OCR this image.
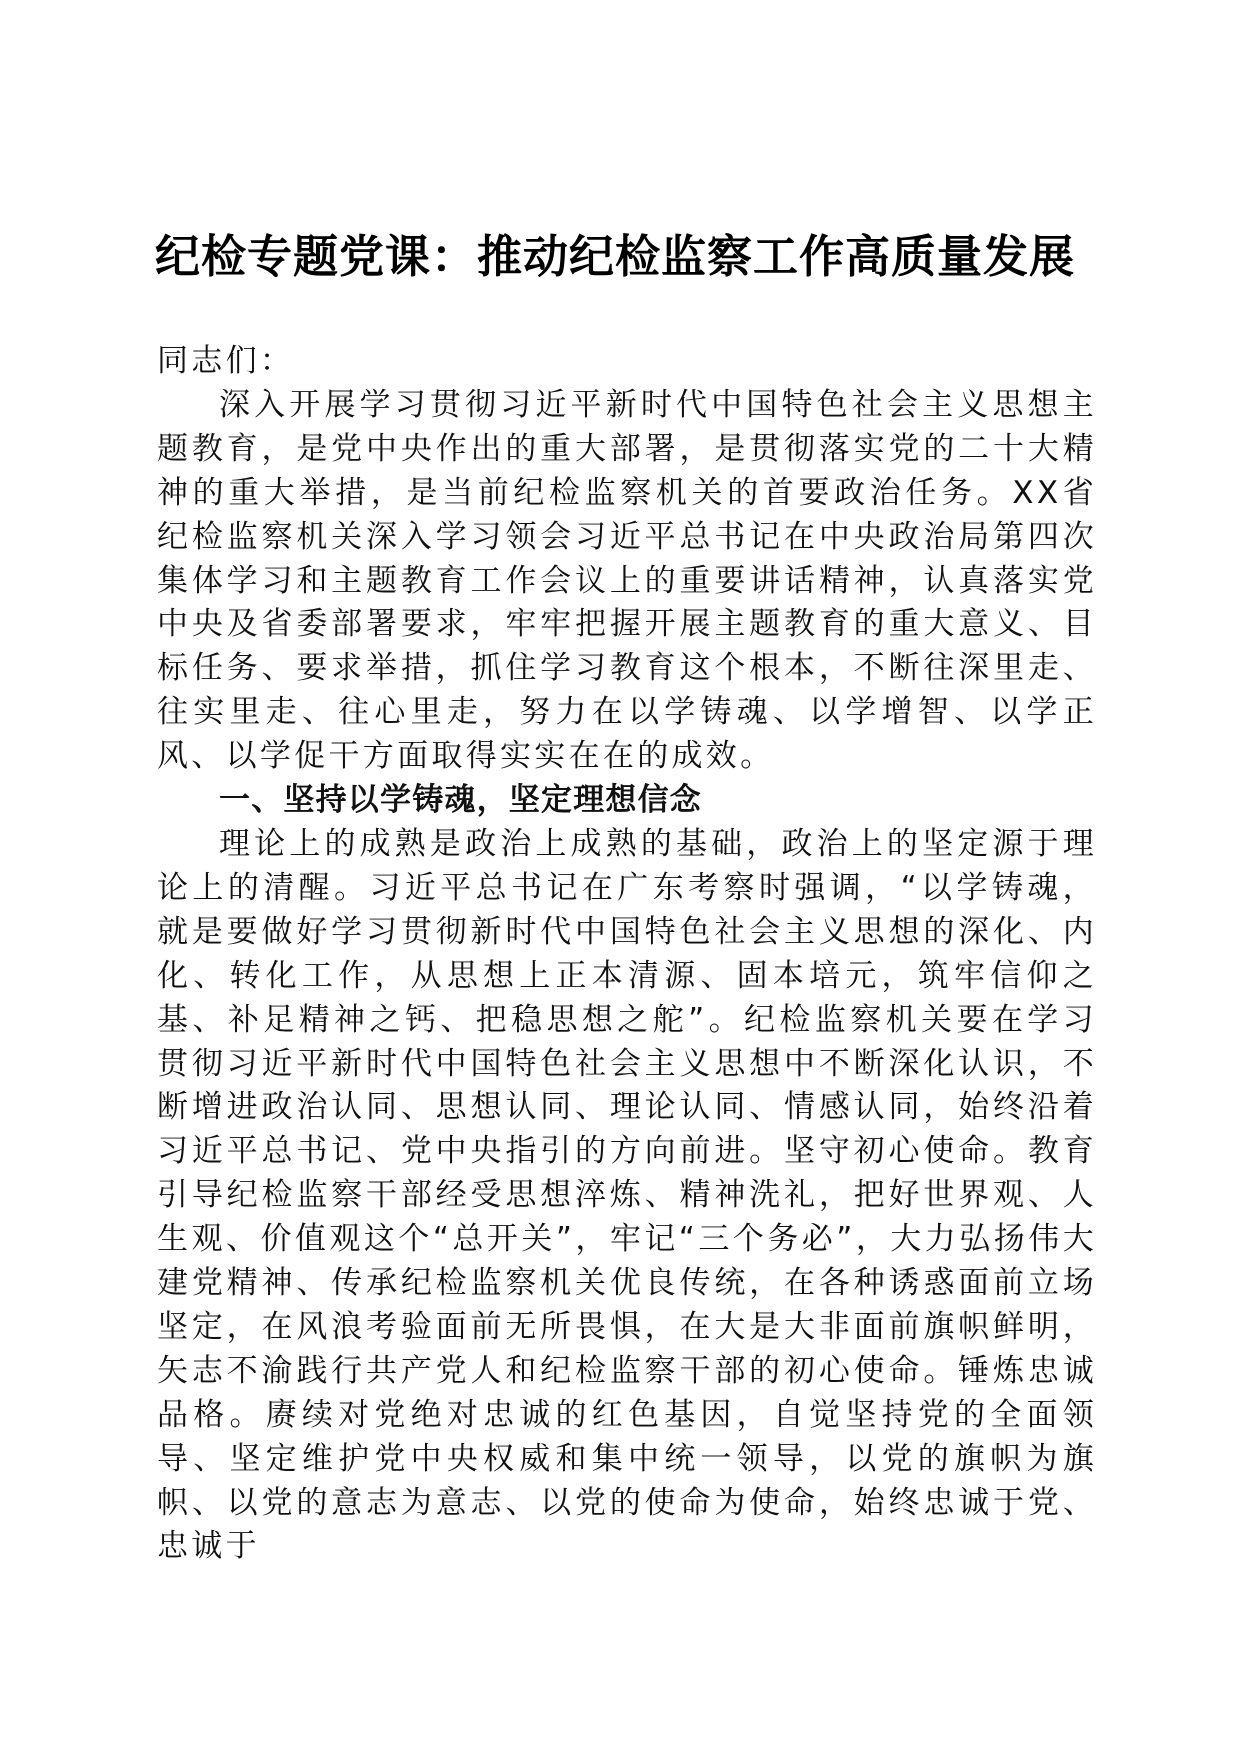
纪检专题党课：推动纪检监察工作高质量发展

同志们：

深入开展学习贯彻习近平新时代中国特色社会主义思想主题教育，是党中央作出的重大部署，是贯彻落实党的二十大精神的重大举措，是当前纪检监察机关的首要政治任务。XX省纪检监察机关深入学习领会习近平总书记在中央政治局第四次集体学习和主题教育工作会议上的重要讲话精神，认真落实党中央及省委部署要求，牢牢把握开展主题教育的重大意义、目标任务、要求举措，抓住学习教育这个根本，不断往深里走、往实里走、往心里走，努力在以学铸魂、以学增智、以学正风、以学促干方面取得实实在在的成效。

一、坚持以学铸魂，坚定理想信念

理论上的成熟是政治上成熟的基础，政治上的坚定源于理论上的清醒。习近平总书记在广东考察时强调，“以学铸魂，就是要做好学习贯彻新时代中国特色社会主义思想的深化、内化、转化工作，从思想上正本清源、固本培元，筑牢信仰之基、补足精神之钙、把稳思想之舵”。纪检监察机关要在学习贯彻习近平新时代中国特色社会主义思想中不断深化认识，不断增进政治认同、思想认同、理论认同、情感认同，始终沿着习近平总书记、党中央指引的方向前进。坚守初心使命。教育引导纪检监察干部经受思想淬炼、精神洗礼，把好世界观、人生观、价值观这个“总开关”，牢记“三个务必”，大力弘扬伟大建党精神、传承纪检监察机关优良传统，在各种诱惑面前立场坚定，在风浪考验面前无所畏惧，在大是大非面前旗帜鲜明，矢志不渝践行共产党人和纪检监察干部的初心使命。锤炼忠诚品格。赓续对党绝对忠诚的红色基因，自觉坚持党的全面领导、坚定维护党中央权威和集中统一领导，以党的旗帜为旗帜、以党的意志为意志、以党的使命为使命，始终忠诚于党、忠诚于
